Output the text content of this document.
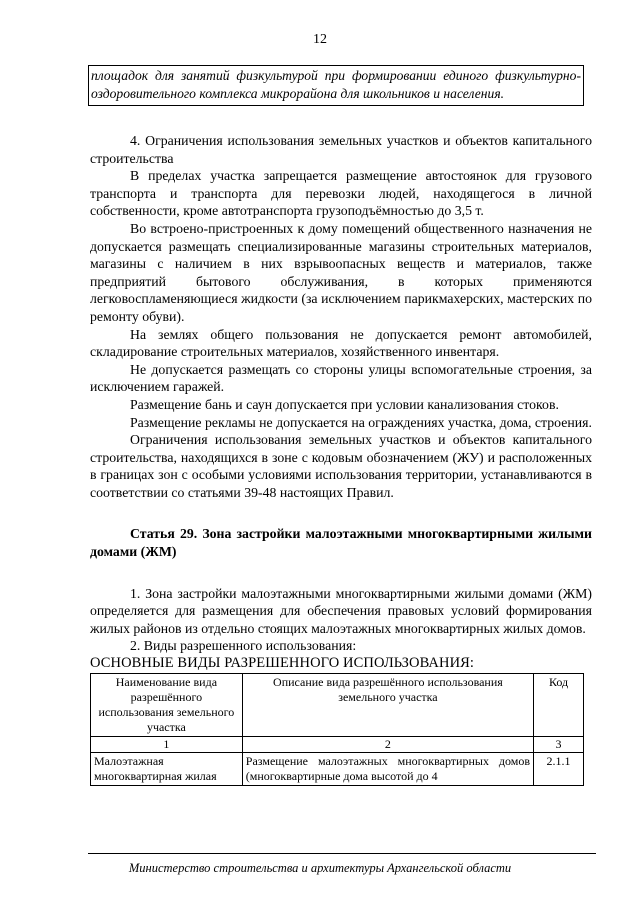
12
площадок для занятий физкультурой при формировании единого физкультурно-оздоровительного комплекса микрорайона для школьников и населения.

4. Ограничения использования земельных участков и объектов капитального строительства

В пределах участка запрещается размещение автостоянок для грузового транспорта и транспорта для перевозки людей, находящегося в личной собственности, кроме автотранспорта грузоподъёмностью до 3,5 т.

Во встроено-пристроенных к дому помещений общественного назначения не допускается размещать специализированные магазины строительных материалов, магазины с наличием в них взрывоопасных веществ и материалов, также предприятий бытового обслуживания, в которых применяются легковоспламеняющиеся жидкости (за исключением парикмахерских, мастерских по ремонту обуви).

На землях общего пользования не допускается ремонт автомобилей, складирование строительных материалов, хозяйственного инвентаря.

Не допускается размещать со стороны улицы вспомогательные строения, за исключением гаражей.

Размещение бань и саун допускается при условии канализования стоков.

Размещение рекламы не допускается на ограждениях участка, дома, строения.

Ограничения использования земельных участков и объектов капитального строительства, находящихся в зоне с кодовым обозначением (ЖУ) и расположенных в границах зон с особыми условиями использования территории, устанавливаются в соответствии со статьями 39-48 настоящих Правил.

Статья 29. Зона застройки малоэтажными многоквартирными жилыми домами (ЖМ)

1. Зона застройки малоэтажными многоквартирными жилыми домами (ЖМ) определяется для размещения для обеспечения правовых условий формирования жилых районов из отдельно стоящих малоэтажных многоквартирных жилых домов.

2. Виды разрешенного использования:

ОСНОВНЫЕ ВИДЫ РАЗРЕШЕННОГО ИСПОЛЬЗОВАНИЯ:

Наименование вида разрешённого использования земельного участка	Описание вида разрешённого использования земельного участка	Код
1	2	3
Малоэтажная многоквартирная жилая	Размещение малоэтажных многоквартирных домов (многоквартирные дома высотой до 4	2.1.1
Министерство строительства и архитектуры Архангельской области
